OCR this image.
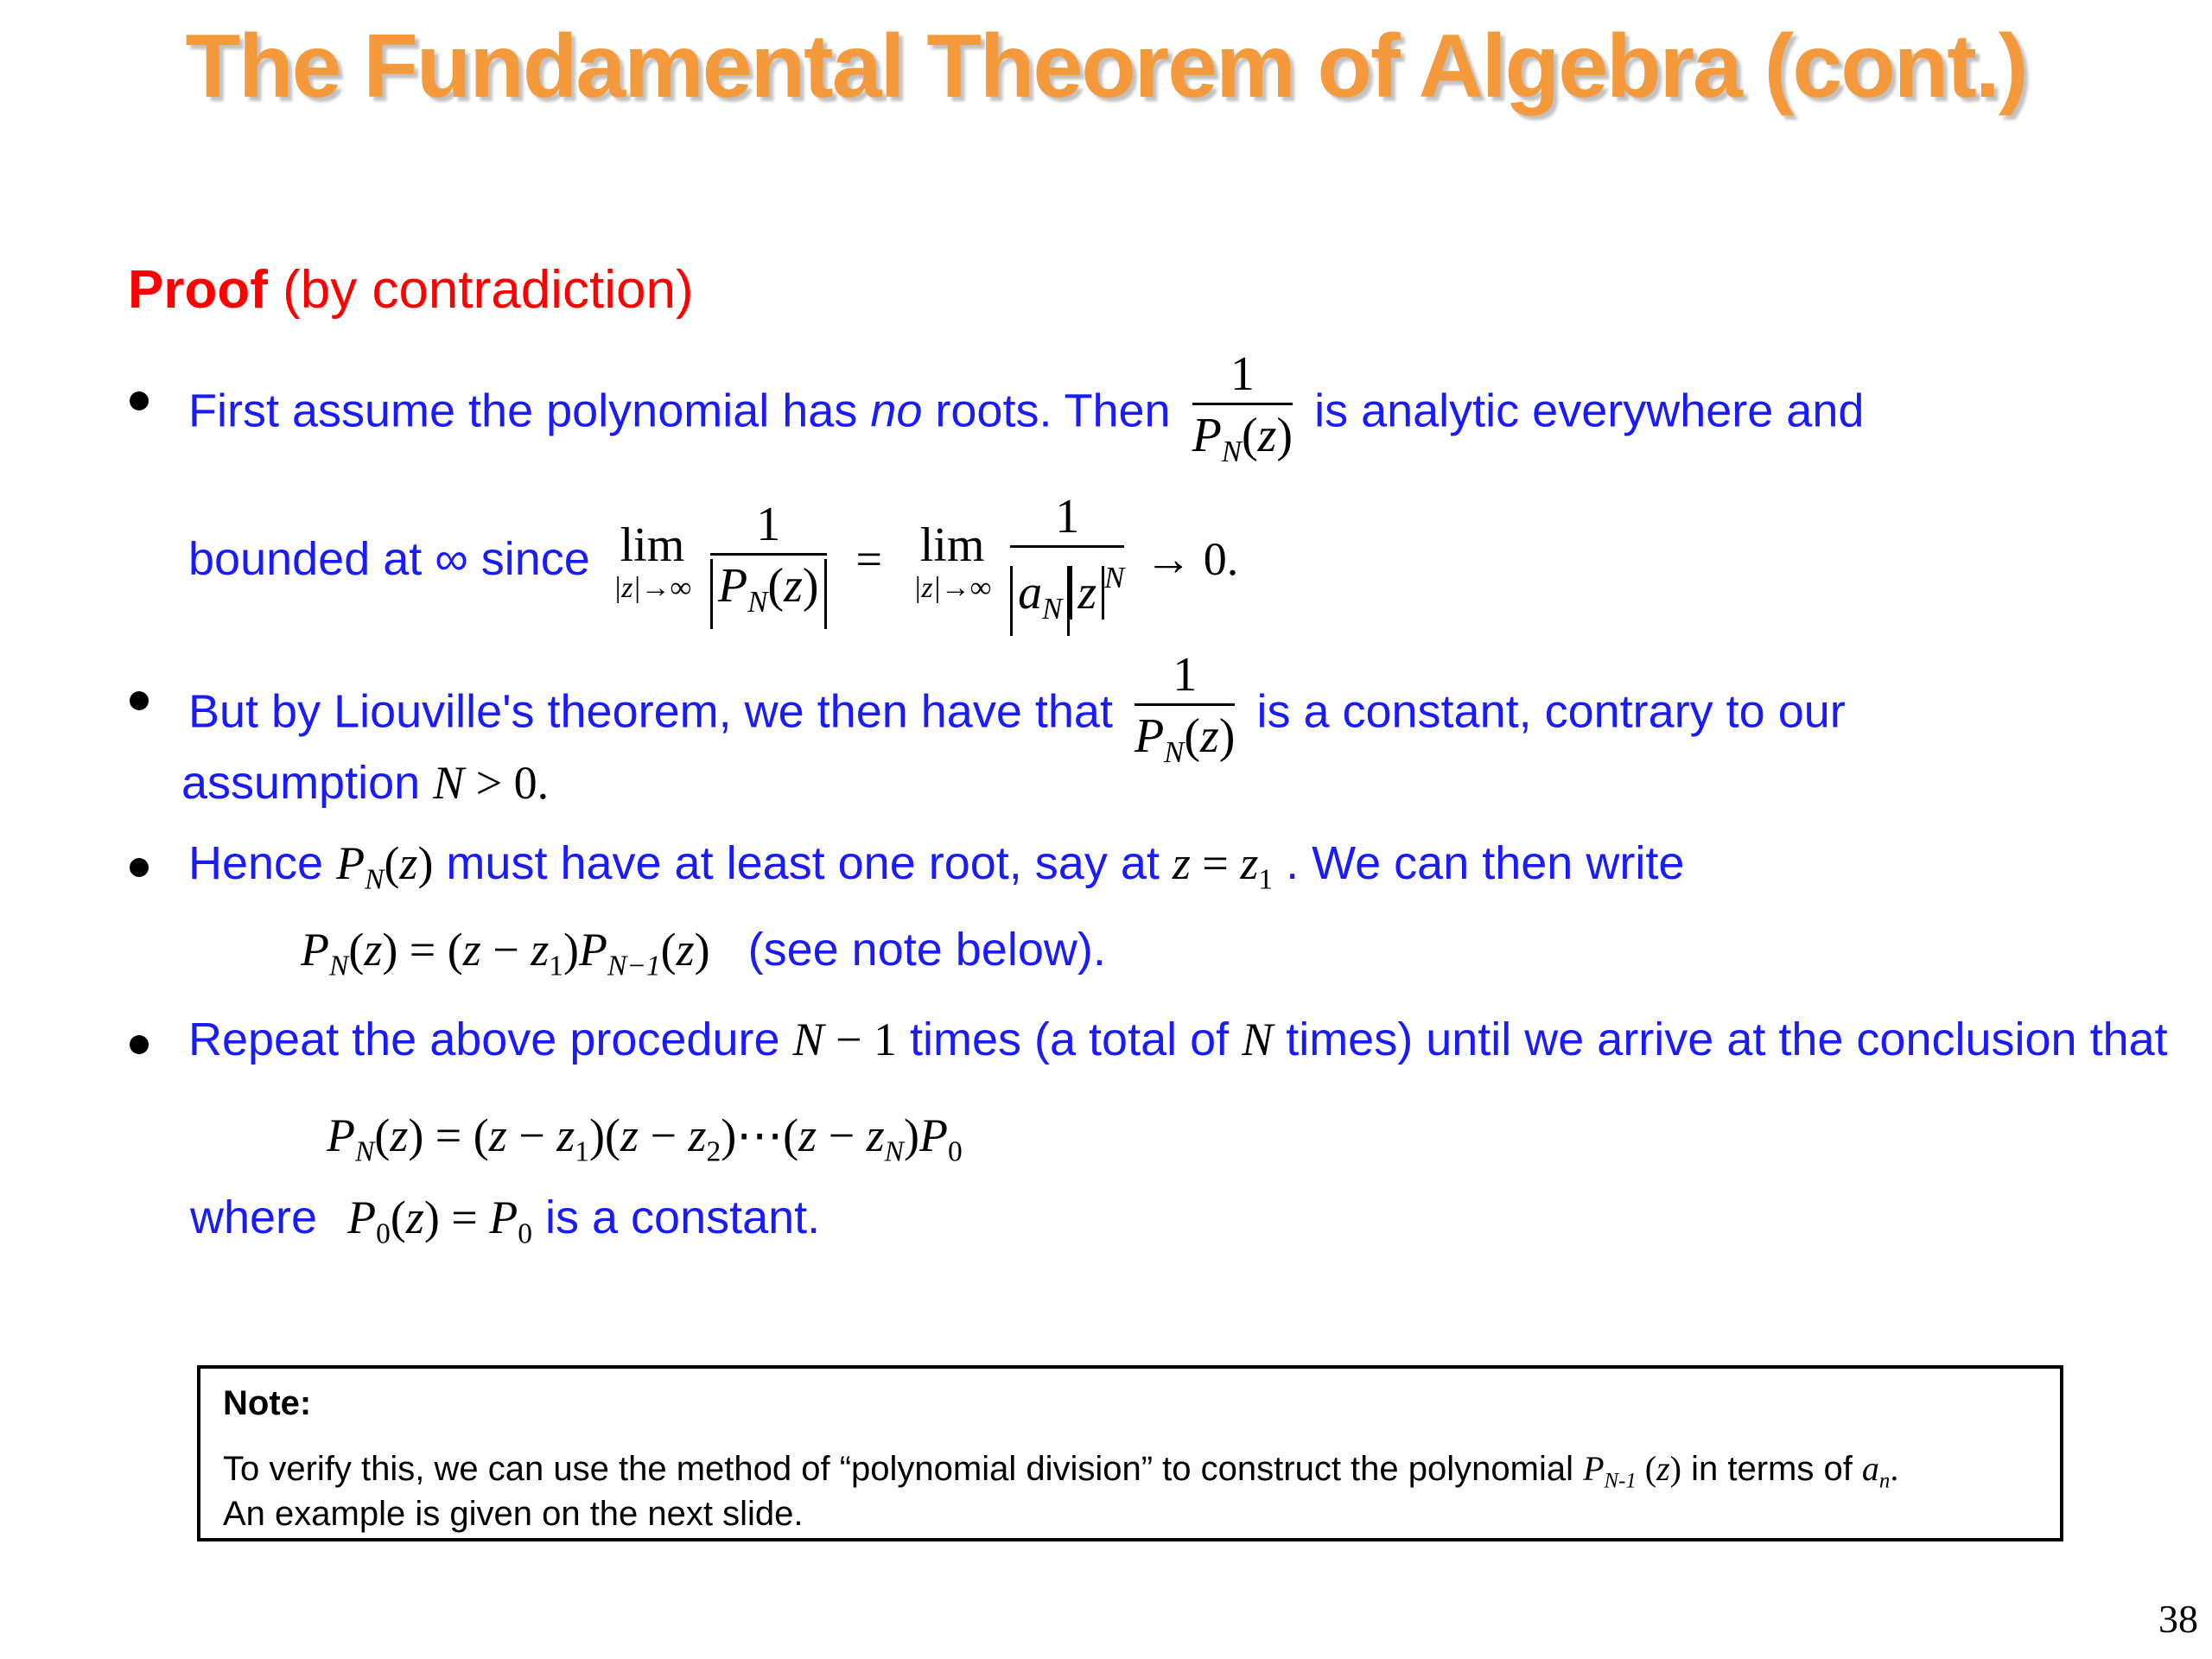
The Fundamental Theorem of Algebra (cont.)
Proof (by contradiction)
First assume the polynomial has no roots. Then $\frac{1}{P_N(z)}$ is analytic everywhere and
bounded at ∞ since lim
$|z|\to\infty \frac{1}{P_N(z)} = \lim$
$|z|\to\infty \frac{1}{a_N z ^N} \to 0$.
But by Liouville's theorem, we then have that $\frac{1}{P_N(z)}$ is a constant, contrary to our
assumption N > 0.
Hence $P_N(z)$ must have at least one root, say at $z = z_1$ . We can then write
$P_N(z) = (z - z_1)P_{N-1}(z)$ (see note below).
Repeat the above procedure N − 1 times (a total of N times) until we arrive at the conclusion that
$P_N(z) = (z - z_1)(z$ − $z_2)\cdots(z - z_N)P_0$
where $P_0(z) = P_0$ is a constant.
Note:
To verify this, we can use the method of “polynomial division” to construct the polynomial $P_{N-1}$ (z) in terms of $a_n$.
An example is given on the next slide.
38
